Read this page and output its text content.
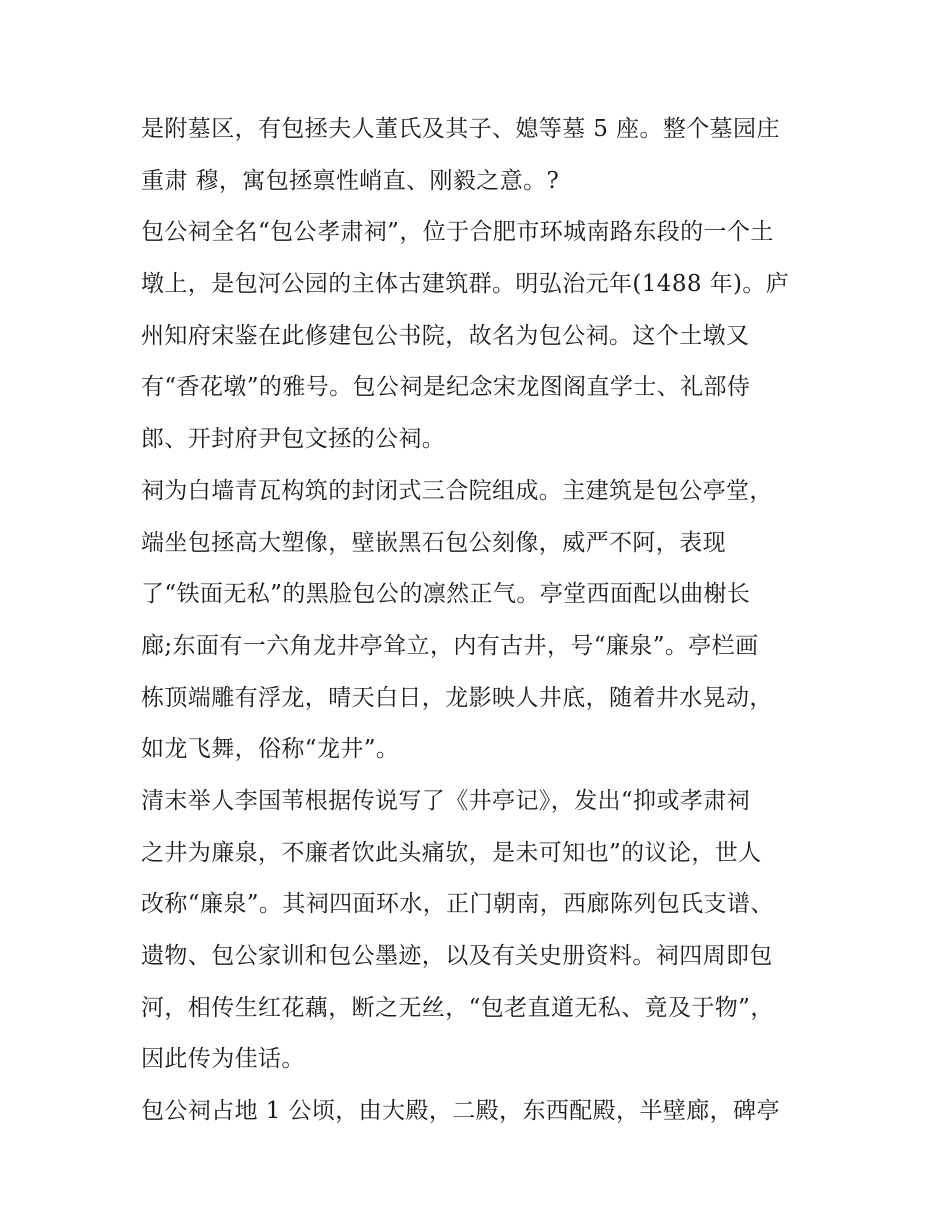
是附墓区，有包拯夫人董氏及其子、媳等墓 5 座。整个墓园庄
重肃 穆，寓包拯禀性峭直、刚毅之意。?
包公祠全名“包公孝肃祠”，位于合肥市环城南路东段的一个土
墩上，是包河公园的主体古建筑群。明弘治元年(1488 年)。庐
州知府宋鉴在此修建包公书院，故名为包公祠。这个土墩又
有“香花墩”的雅号。包公祠是纪念宋龙图阁直学士、礼部侍
郎、开封府尹包文拯的公祠。
祠为白墙青瓦构筑的封闭式三合院组成。主建筑是包公亭堂，
端坐包拯高大塑像，壁嵌黑石包公刻像，威严不阿，表现
了“铁面无私”的黑脸包公的凛然正气。亭堂西面配以曲榭长
廊;东面有一六角龙井亭耸立，内有古井，号“廉泉”。亭栏画
栋顶端雕有浮龙，晴天白日，龙影映人井底，随着井水晃动，
如龙飞舞，俗称“龙井”。
清末举人李国苇根据传说写了《井亭记》，发出“抑或孝肃祠
之井为廉泉，不廉者饮此头痛欤，是未可知也”的议论，世人
改称“廉泉”。其祠四面环水，正门朝南，西廊陈列包氏支谱、
遗物、包公家训和包公墨迹，以及有关史册资料。祠四周即包
河，相传生红花藕，断之无丝，“包老直道无私、竟及于物”，
因此传为佳话。
包公祠占地 1 公顷，由大殿，二殿，东西配殿，半壁廊，碑亭
